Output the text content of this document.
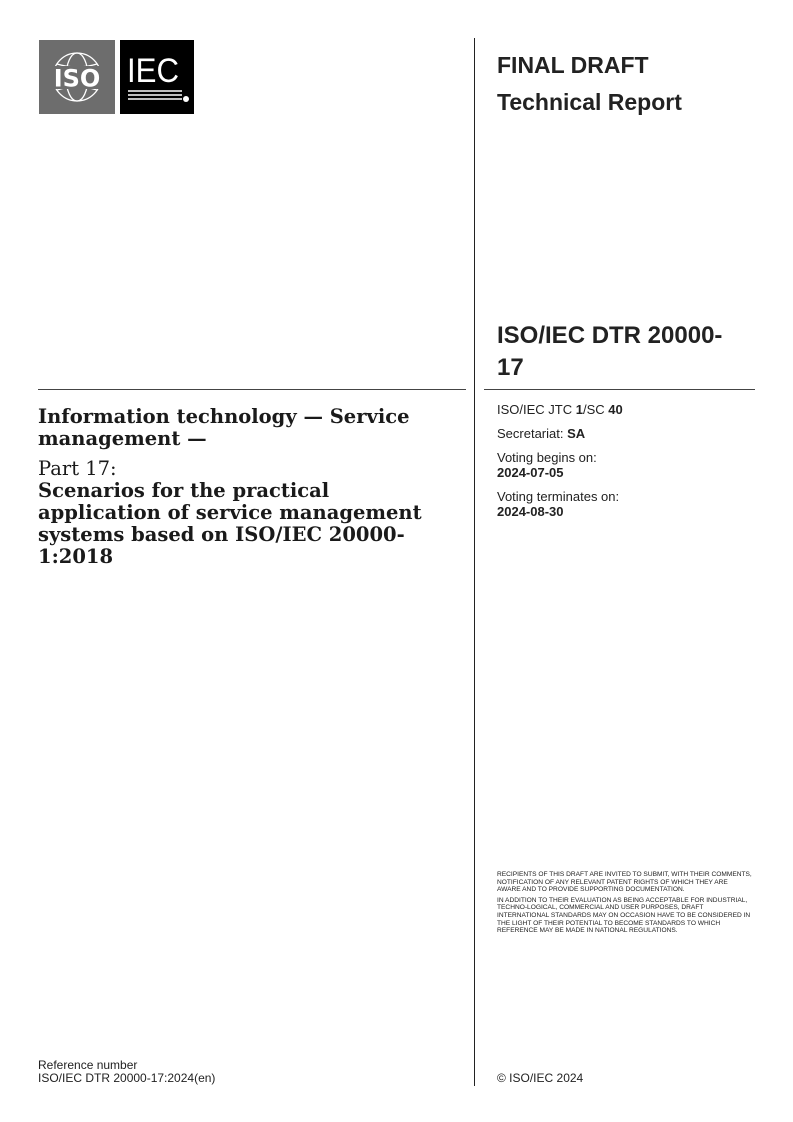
ISO IEC	FINAL DRAFT
Technical Report
ISO/IEC DTR 20000-17

Information technology — Service management —

Part 17:

Scenarios for the practical application of service management systems based on ISO/IEC 20000-1:2018

ISO/IEC JTC 1/SC 40
Secretariat: SA
Voting begins on:
2024-07-05
Voting terminates on:
2024-08-30

RECIPIENTS OF THIS DRAFT ARE INVITED TO SUBMIT, WITH THEIR COMMENTS, NOTIFICATION OF ANY RELEVANT PATENT RIGHTS OF WHICH THEY ARE AWARE AND TO PROVIDE SUPPORTING DOCUMENTATION.

IN ADDITION TO THEIR EVALUATION AS BEING ACCEPTABLE FOR INDUSTRIAL, TECHNO-LOGICAL, COMMERCIAL AND USER PURPOSES, DRAFT INTERNATIONAL STANDARDS MAY ON OCCASION HAVE TO BE CONSIDERED IN THE LIGHT OF THEIR POTENTIAL TO BECOME STANDARDS TO WHICH REFERENCE MAY BE MADE IN NATIONAL REGULATIONS.

Reference number
ISO/IEC DTR 20000-17:2024(en)	© ISO/IEC 2024
